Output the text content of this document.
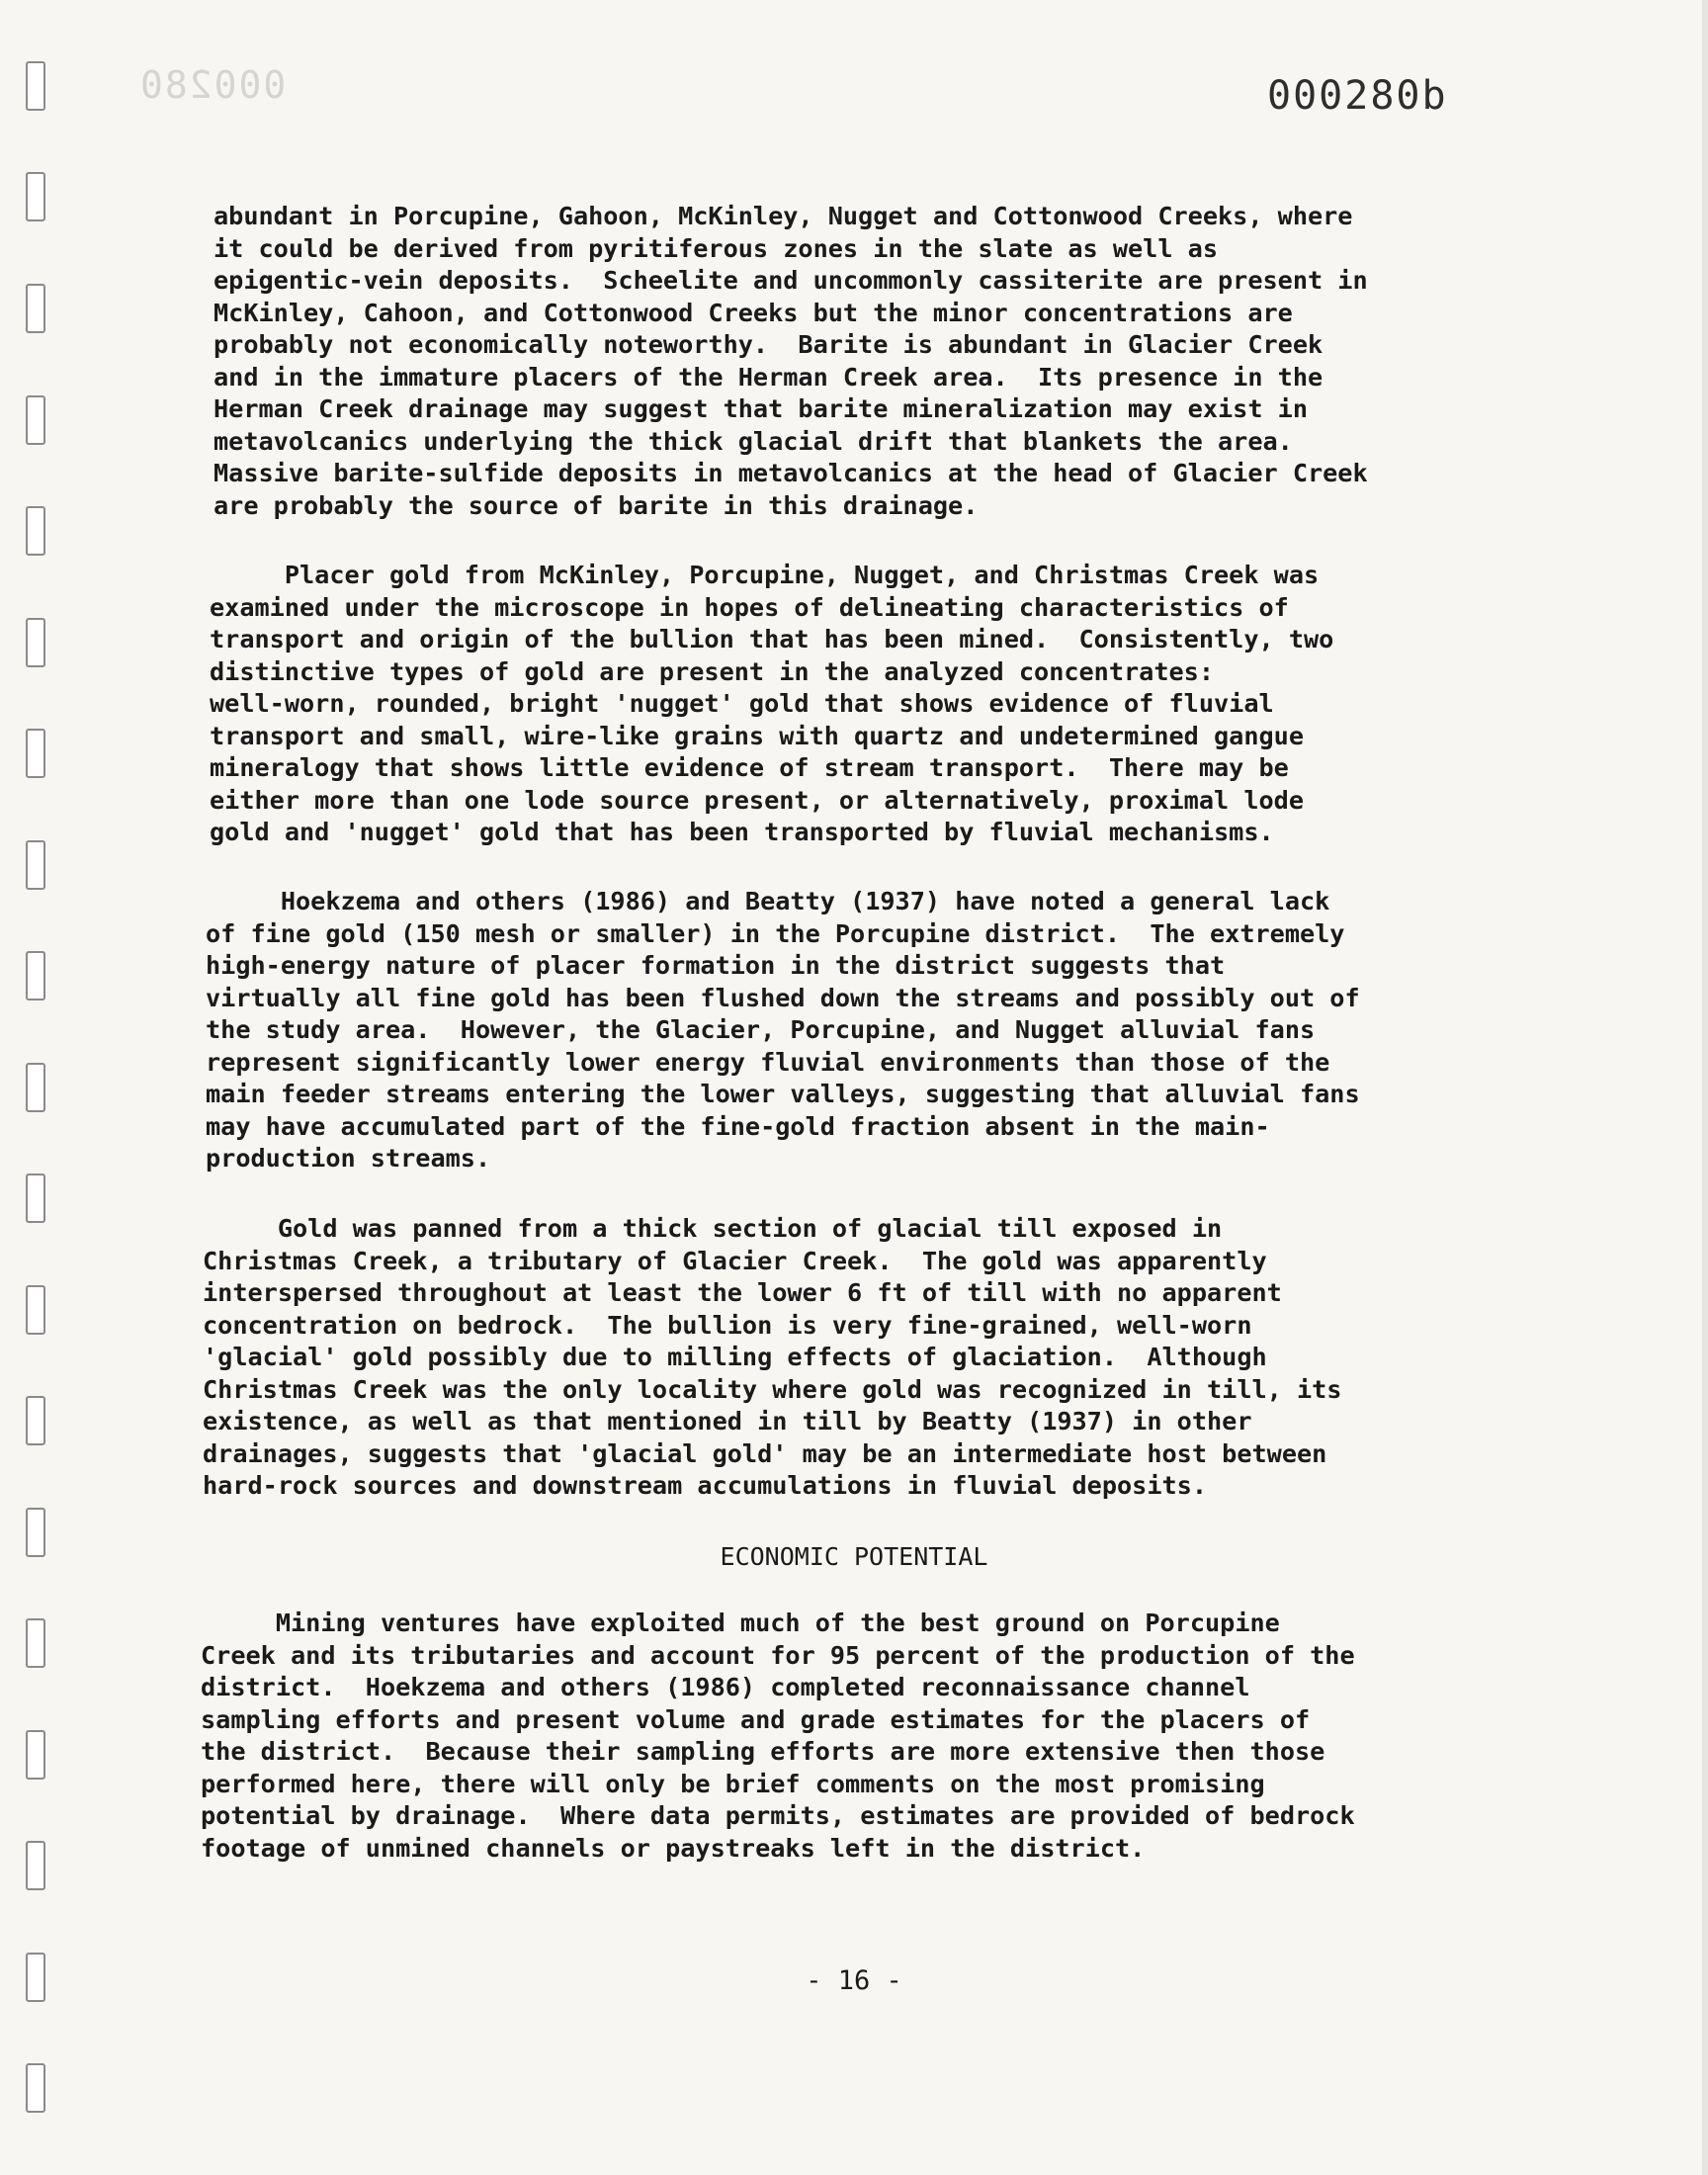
000280	000280b
abundant in Porcupine, Gahoon, McKinley, Nugget and Cottonwood Creeks, where
it could be derived from pyritiferous zones in the slate as well as
epigentic-vein deposits.  Scheelite and uncommonly cassiterite are present in
McKinley, Cahoon, and Cottonwood Creeks but the minor concentrations are
probably not economically noteworthy.  Barite is abundant in Glacier Creek
and in the immature placers of the Herman Creek area.  Its presence in the
Herman Creek drainage may suggest that barite mineralization may exist in
metavolcanics underlying the thick glacial drift that blankets the area.
Massive barite-sulfide deposits in metavolcanics at the head of Glacier Creek
are probably the source of barite in this drainage.
Placer gold from McKinley, Porcupine, Nugget, and Christmas Creek was
examined under the microscope in hopes of delineating characteristics of
transport and origin of the bullion that has been mined.  Consistently, two
distinctive types of gold are present in the analyzed concentrates:
well-worn, rounded, bright 'nugget' gold that shows evidence of fluvial
transport and small, wire-like grains with quartz and undetermined gangue
mineralogy that shows little evidence of stream transport.  There may be
either more than one lode source present, or alternatively, proximal lode
gold and 'nugget' gold that has been transported by fluvial mechanisms.
Hoekzema and others (1986) and Beatty (1937) have noted a general lack
of fine gold (150 mesh or smaller) in the Porcupine district.  The extremely
high-energy nature of placer formation in the district suggests that
virtually all fine gold has been flushed down the streams and possibly out of
the study area.  However, the Glacier, Porcupine, and Nugget alluvial fans
represent significantly lower energy fluvial environments than those of the
main feeder streams entering the lower valleys, suggesting that alluvial fans
may have accumulated part of the fine-gold fraction absent in the main-
production streams.
Gold was panned from a thick section of glacial till exposed in
Christmas Creek, a tributary of Glacier Creek.  The gold was apparently
interspersed throughout at least the lower 6 ft of till with no apparent
concentration on bedrock.  The bullion is very fine-grained, well-worn
'glacial' gold possibly due to milling effects of glaciation.  Although
Christmas Creek was the only locality where gold was recognized in till, its
existence, as well as that mentioned in till by Beatty (1937) in other
drainages, suggests that 'glacial gold' may be an intermediate host between
hard-rock sources and downstream accumulations in fluvial deposits.
ECONOMIC POTENTIAL
Mining ventures have exploited much of the best ground on Porcupine
Creek and its tributaries and account for 95 percent of the production of the
district.  Hoekzema and others (1986) completed reconnaissance channel
sampling efforts and present volume and grade estimates for the placers of
the district.  Because their sampling efforts are more extensive then those
performed here, there will only be brief comments on the most promising
potential by drainage.  Where data permits, estimates are provided of bedrock
footage of unmined channels or paystreaks left in the district.
- 16 -
